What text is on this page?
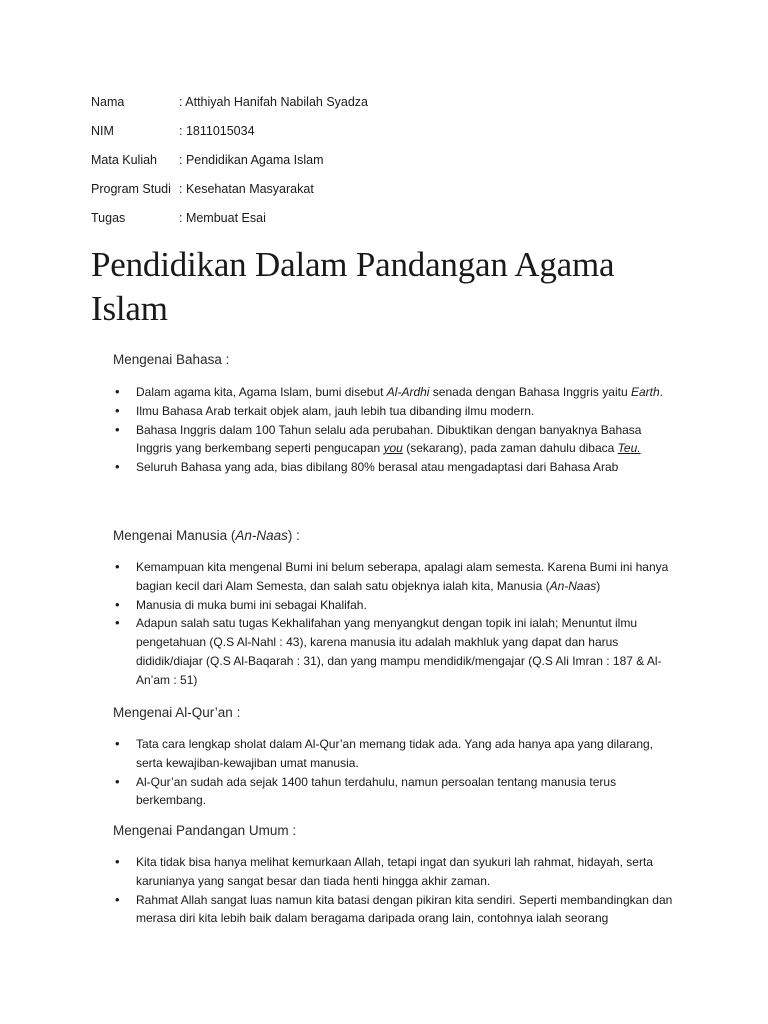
Nama	: Atthiyah Hanifah Nabilah Syadza
NIM	: 1811015034
Mata Kuliah	: Pendidikan Agama Islam
Program Studi : Kesehatan Masyarakat
Tugas	: Membuat Esai
Pendidikan Dalam Pandangan Agama Islam
Mengenai Bahasa :
• Dalam agama kita, Agama Islam, bumi disebut Al-Ardhi senada dengan Bahasa Inggris yaitu Earth.
• Ilmu Bahasa Arab terkait objek alam, jauh lebih tua dibanding ilmu modern.
• Bahasa Inggris dalam 100 Tahun selalu ada perubahan. Dibuktikan dengan banyaknya Bahasa Inggris yang berkembang seperti pengucapan you (sekarang), pada zaman dahulu dibaca Teu.
• Seluruh Bahasa yang ada, bias dibilang 80% berasal atau mengadaptasi dari Bahasa Arab
Mengenai Manusia (An-Naas) :
• Kemampuan kita mengenal Bumi ini belum seberapa, apalagi alam semesta. Karena Bumi ini hanya bagian kecil dari Alam Semesta, dan salah satu objeknya ialah kita, Manusia (An-Naas)
• Manusia di muka bumi ini sebagai Khalifah.
• Adapun salah satu tugas Kekhalifahan yang menyangkut dengan topik ini ialah; Menuntut ilmu pengetahuan (Q.S Al-Nahl : 43), karena manusia itu adalah makhluk yang dapat dan harus dididik/diajar (Q.S Al-Baqarah : 31), dan yang mampu mendidik/mengajar (Q.S Ali Imran : 187 & Al-An’am : 51)
Mengenai Al-Qur’an :
• Tata cara lengkap sholat dalam Al-Qur’an memang tidak ada. Yang ada hanya apa yang dilarang, serta kewajiban-kewajiban umat manusia.
• Al-Qur’an sudah ada sejak 1400 tahun terdahulu, namun persoalan tentang manusia terus berkembang.
Mengenai Pandangan Umum :
• Kita tidak bisa hanya melihat kemurkaan Allah, tetapi ingat dan syukuri lah rahmat, hidayah, serta karunianya yang sangat besar dan tiada henti hingga akhir zaman.
• Rahmat Allah sangat luas namun kita batasi dengan pikiran kita sendiri. Seperti membandingkan dan merasa diri kita lebih baik dalam beragama daripada orang lain, contohnya ialah seorang
